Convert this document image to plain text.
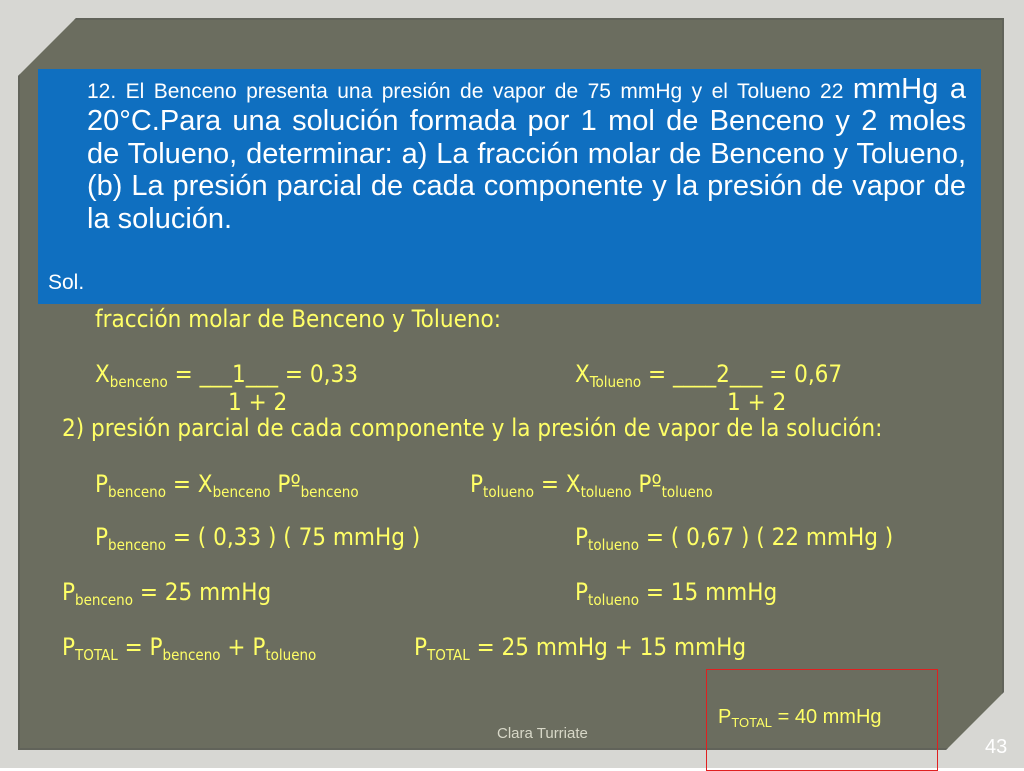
12. El Benceno presenta una presión de vapor de 75 mmHg y el Tolueno 22 mmHg a 20°C.Para una solución formada por 1 mol de Benceno y 2 moles de Tolueno, determinar: a) La fracción molar de Benceno y Tolueno, (b) La presión parcial de cada componente y la presión de vapor de la solución.

Sol.
fracción molar de Benceno y Tolueno:
$X_{benceno}$ = ___1___ = 0,33
1 + 2
$X_{Tolueno}$ = ____2___ = 0,67
1 + 2
2) presión parcial de cada componente y la presión de vapor de la solución:
$P_{benceno} = X_{benceno}$ Pº$_{benceno}$	$P_{tolueno} = X_{tolueno}$ Pº$_{tolueno}$
$P_{benceno}$ = ( 0,33 ) ( 75 mmHg )	$P_{tolueno}$ = ( 0,67 ) ( 22 mmHg )
$P_{benceno} = 25$ mmHg	$P_{tolueno} = 15$ mmHg
$P_{TOTAL} = P_{benceno} + P_{tolueno}$	$P_{TOTAL} = 25$ mmHg + 15 mmHg
$P_{TOTAL} = 40$ mmHg
Clara Turriate
43
